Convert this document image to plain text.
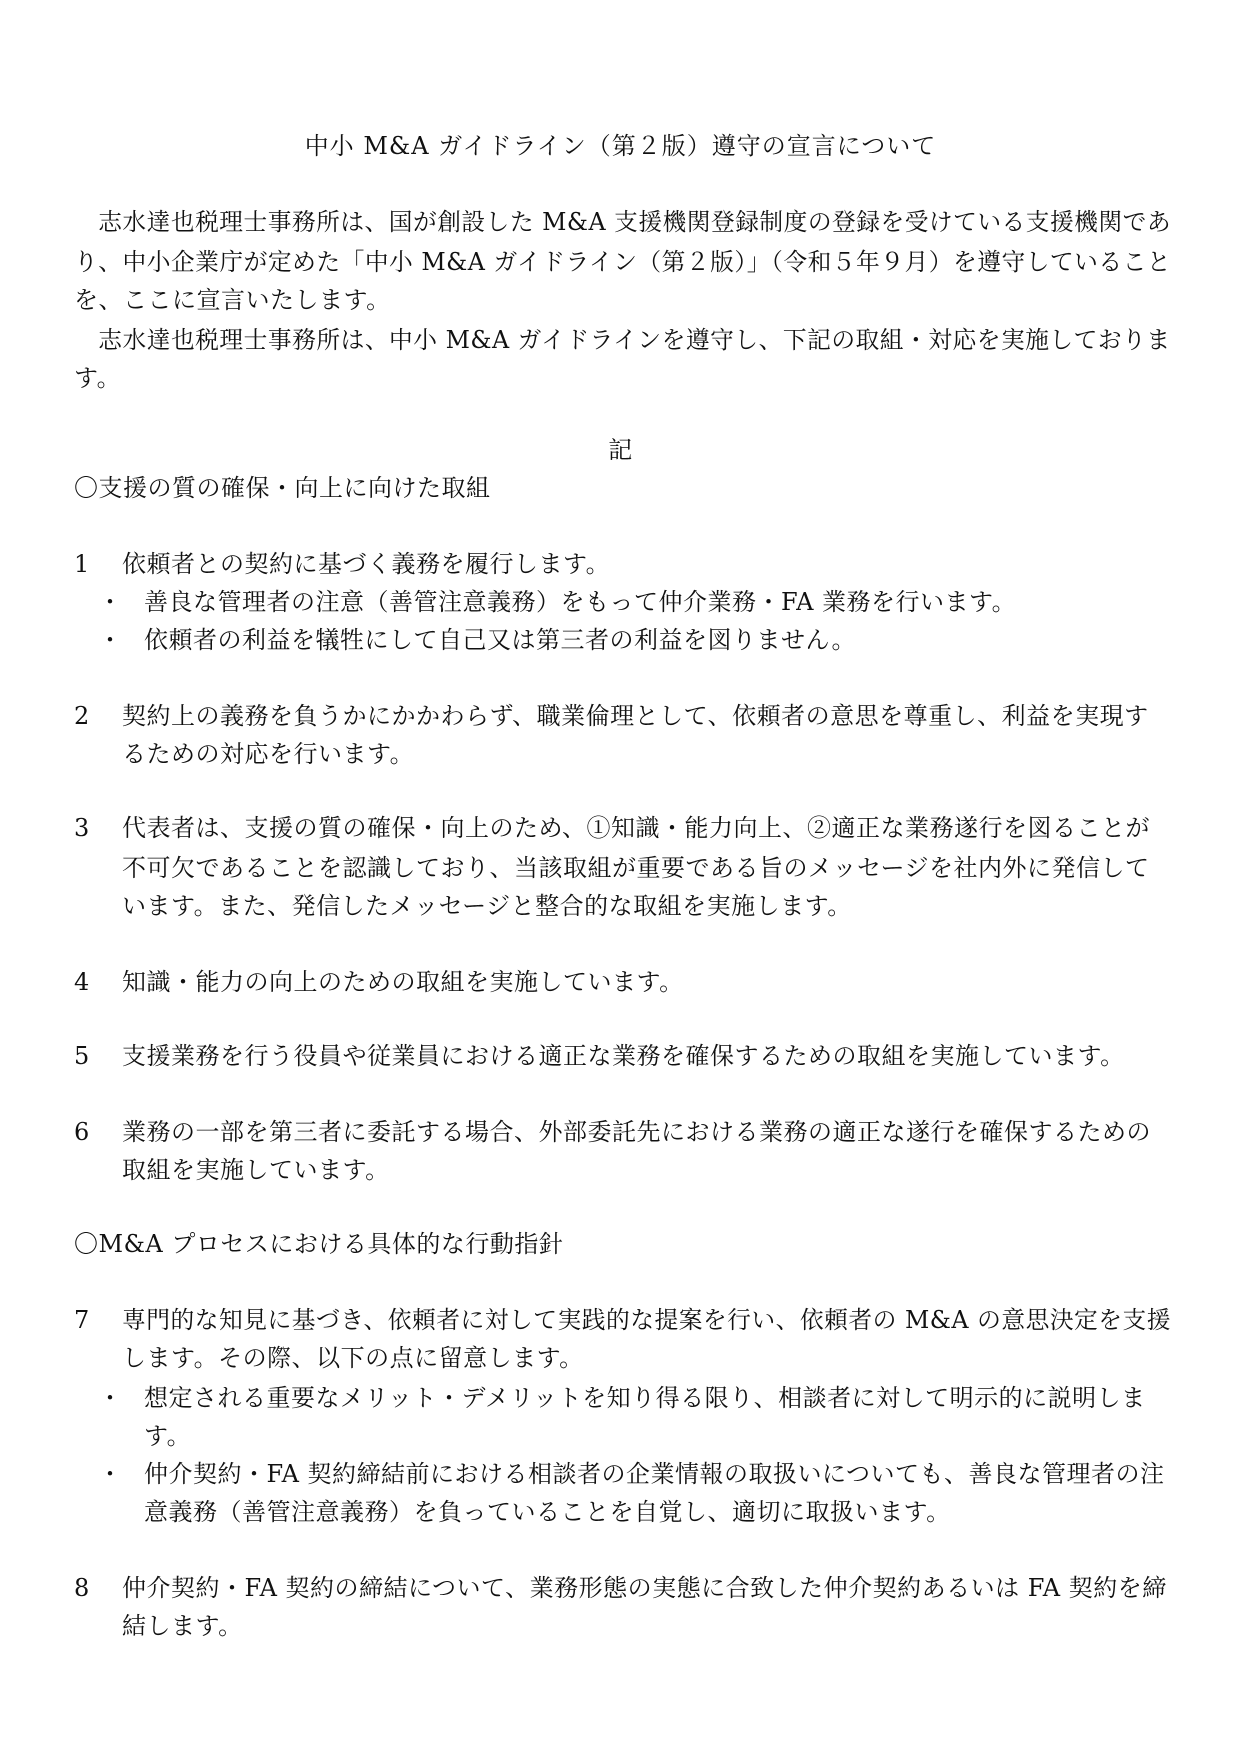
中小 M&A ガイドライン（第２版）遵守の宣言について
　志水達也税理士事務所は、国が創設した M&A 支援機関登録制度の登録を受けている支援機関であ
り、中小企業庁が定めた「中小 M&A ガイドライン（第２版）」（令和５年９月）を遵守していること
を、ここに宣言いたします。
　志水達也税理士事務所は、中小 M&A ガイドラインを遵守し、下記の取組・対応を実施しておりま
す。
記
〇支援の質の確保・向上に向けた取組
1 依頼者との契約に基づく義務を履行します。
・ 善良な管理者の注意（善管注意義務）をもって仲介業務・FA 業務を行います。
・ 依頼者の利益を犠牲にして自己又は第三者の利益を図りません。
2 契約上の義務を負うかにかかわらず、職業倫理として、依頼者の意思を尊重し、利益を実現す
るための対応を行います。
3 代表者は、支援の質の確保・向上のため、①知識・能力向上、②適正な業務遂行を図ることが
不可欠であることを認識しており、当該取組が重要である旨のメッセージを社内外に発信して
います。また、発信したメッセージと整合的な取組を実施します。
4 知識・能力の向上のための取組を実施しています。
5 支援業務を行う役員や従業員における適正な業務を確保するための取組を実施しています。
6 業務の一部を第三者に委託する場合、外部委託先における業務の適正な遂行を確保するための
取組を実施しています。
〇M&A プロセスにおける具体的な行動指針
7 専門的な知見に基づき、依頼者に対して実践的な提案を行い、依頼者の M&A の意思決定を支援
します。その際、以下の点に留意します。
・ 想定される重要なメリット・デメリットを知り得る限り、相談者に対して明示的に説明しま
す。
・ 仲介契約・FA 契約締結前における相談者の企業情報の取扱いについても、善良な管理者の注
意義務（善管注意義務）を負っていることを自覚し、適切に取扱います。
8 仲介契約・FA 契約の締結について、業務形態の実態に合致した仲介契約あるいは FA 契約を締
結します。
